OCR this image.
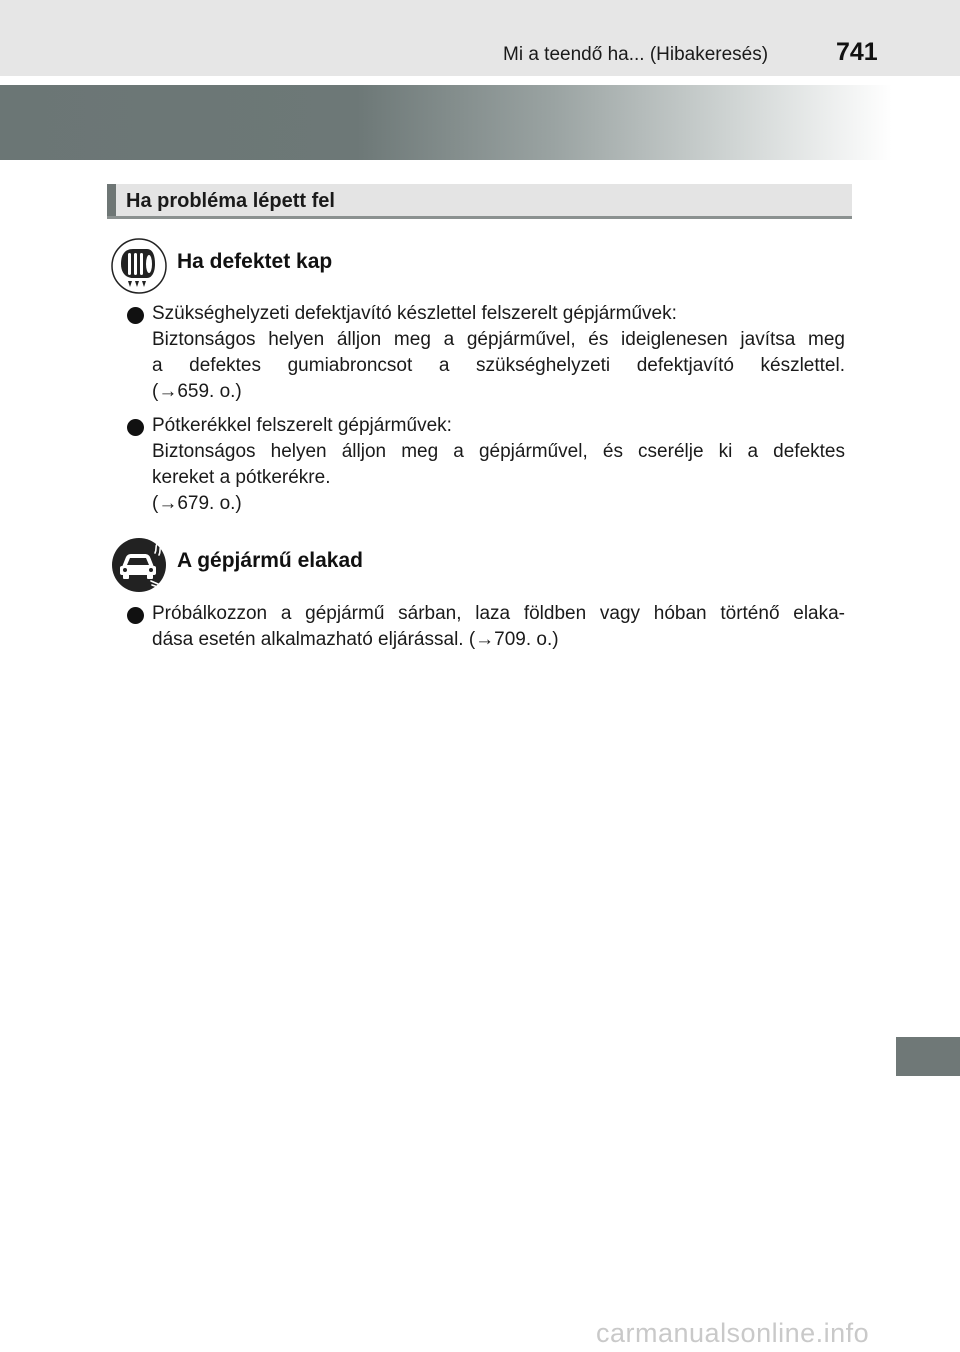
Mi a teendő ha... (Hibakeresés)	741
Ha probléma lépett fel
Ha defektet kap
Szükséghelyzeti defektjavító készlettel felszerelt gépjárművek:
Biztonságos helyen álljon meg a gépjárművel, és ideiglenesen javítsa meg
a defektes gumiabroncsot a szükséghelyzeti defektjavító készlettel.
(→659. o.)
Pótkerékkel felszerelt gépjárművek:
Biztonságos helyen álljon meg a gépjárművel, és cserélje ki a defektes
kereket a pótkerékre.
(→679. o.)
A gépjármű elakad
Próbálkozzon a gépjármű sárban, laza földben vagy hóban történő elaka-
dása esetén alkalmazható eljárással. (→709. o.)
carmanualsonline.info
